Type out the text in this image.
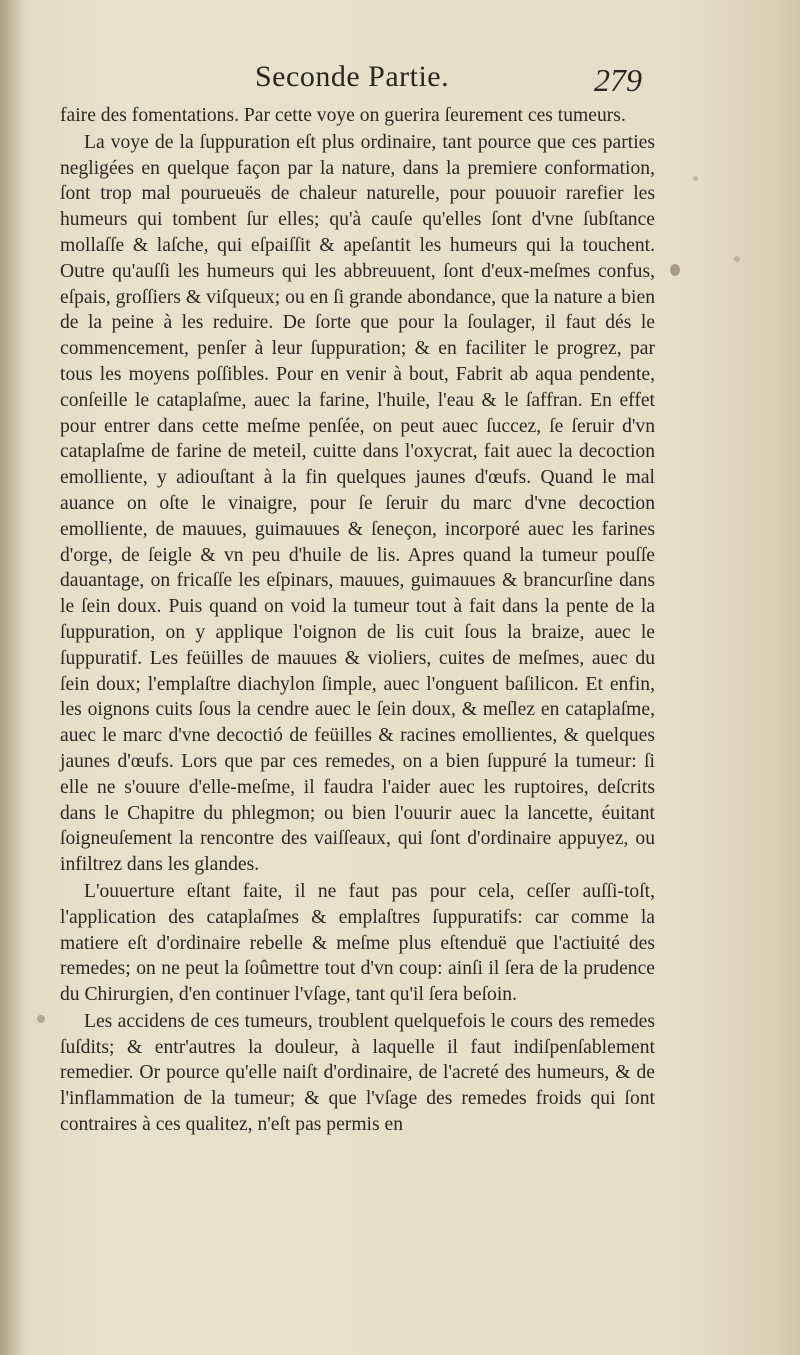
Seconde Partie.	279

faire des fomentations. Par cette voye on guerira ſeurement ces tumeurs.

La voye de la ſuppuration eſt plus ordinaire, tant pource que ces parties negligées en quelque façon par la nature, dans la premiere conformation, ſont trop mal pourueuës de chaleur naturelle, pour pouuoir rarefier les humeurs qui tombent ſur elles; qu'à cauſe qu'elles ſont d'vne ſubſtance mollaſſe & laſche, qui eſpaiſſit & apeſantit les humeurs qui la touchent. Outre qu'auſſi les humeurs qui les abbreuuent, ſont d'eux-meſmes confus, eſpais, groſſiers & viſqueux; ou en ſi grande abondance, que la nature a bien de la peine à les reduire. De ſorte que pour la ſoulager, il faut dés le commencement, penſer à leur ſuppuration; & en faciliter le progrez, par tous les moyens poſſibles. Pour en venir à bout, Fabrit ab aqua pendente, conſeille le cataplaſme, auec la farine, l'huile, l'eau & le ſaffran. En effet pour entrer dans cette meſme penſée, on peut auec ſuccez, ſe ſeruir d'vn cataplaſme de farine de meteil, cuitte dans l'oxycrat, fait auec la decoction emolliente, y adiouſtant à la fin quelques jaunes d'œufs. Quand le mal auance on oſte le vinaigre, pour ſe ſeruir du marc d'vne decoction emolliente, de mauues, guimauues & ſeneçon, incorporé auec les farines d'orge, de ſeigle & vn peu d'huile de lis. Apres quand la tumeur pouſſe dauantage, on fricaſſe les eſpinars, mauues, guimauues & brancurſine dans le ſein doux. Puis quand on void la tumeur tout à fait dans la pente de la ſuppuration, on y applique l'oignon de lis cuit ſous la braize, auec le ſuppuratif. Les feüilles de mauues & violiers, cuites de meſmes, auec du ſein doux; l'emplaſtre diachylon ſimple, auec l'onguent baſilicon. Et enfin, les oignons cuits ſous la cendre auec le ſein doux, & meſlez en cataplaſme, auec le marc d'vne decoctió de feüilles & racines emollientes, & quelques jaunes d'œufs. Lors que par ces remedes, on a bien ſuppuré la tumeur: ſi elle ne s'ouure d'elle-meſme, il faudra l'aider auec les ruptoires, deſcrits dans le Chapitre du phlegmon; ou bien l'ouurir auec la lancette, éuitant ſoigneuſement la rencontre des vaiſſeaux, qui ſont d'ordinaire appuyez, ou infiltrez dans les glandes.

L'ouuerture eſtant faite, il ne faut pas pour cela, ceſſer auſſi-toſt, l'application des cataplaſmes & emplaſtres ſuppuratifs: car comme la matiere eſt d'ordinaire rebelle & meſme plus eſtenduë que l'actiuité des remedes; on ne peut la ſoûmettre tout d'vn coup: ainſi il ſera de la prudence du Chirurgien, d'en continuer l'vſage, tant qu'il ſera beſoin.

Les accidens de ces tumeurs, troublent quelquefois le cours des remedes ſuſdits; & entr'autres la douleur, à laquelle il faut indiſpenſablement remedier. Or pource qu'elle naiſt d'ordinaire, de l'acreté des humeurs, & de l'inflammation de la tumeur; & que l'vſage des remedes froids qui ſont contraires à ces qualitez, n'eſt pas permis en
